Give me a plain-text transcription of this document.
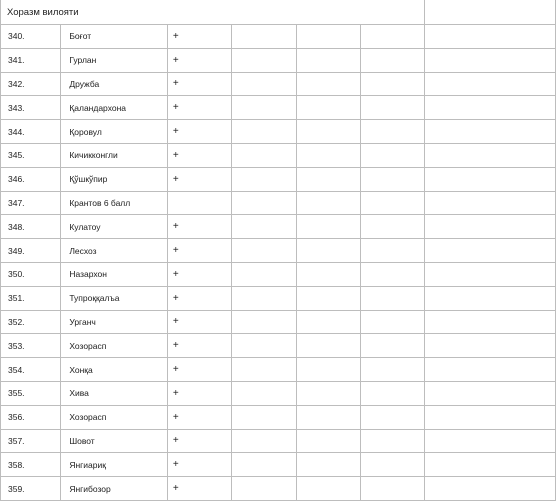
Хоразм вилояти						
340.	Боғот	+				
341.	Гурлан	+				
342.	Дружба	+				
343.	Қаландархона	+				
344.	Қоровул	+				
345.	Кичикконгли	+				
346.	Қўшкўпир	+				
347.	Крантов 6 балл					
348.	Кулатоу	+				
349.	Лесхоз	+				
350.	Назархон	+				
351.	Тупроққалъа	+				
352.	Урганч	+				
353.	Хозорасп	+				
354.	Хонқа	+				
355.	Хива	+				
356.	Хозорасп	+				
357.	Шовот	+				
358.	Янгиариқ	+				
359.	Янгибозор	+				
